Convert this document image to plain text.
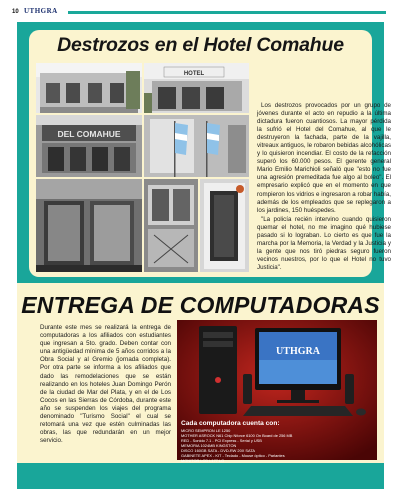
10 UTHGRA
Destrozos en el Hotel Comahue
HOTEL
DEL COMAHUE

Los destrozos provocados por un grupo de jóvenes durante el acto en repudio a la última dictadura fueron cuantiosos. La mayor pérdida la sufrió el Hotel del Comahue, al que le destruyeron la fachada, parte de la vajilla, vitreaux antiguos, le robaron bebidas alcohólicas y lo quisieron incendiar. El costo de la refacción superó los 60.000 pesos. El gerente general Mario Emilio Marichioli señaló que "esto no fue una agresión premeditada fue algo al boleo". El empresario explicó que en el momento en que rompieron los vidrios e ingresaron a robar había, además de los empleados que se replegaron a los jardines, 150 huéspedes.

"La policía recién intervino cuando quisieron quemar el hotel, no me imagino qué hubiese pasado si lo lograban. Lo cierto es que fue la marcha por la Memoria, la Verdad y la Justicia y la gente que nos tiró piedras seguro fueron vecinos nuestros, por lo que el Hotel no tuvo Justicia".

ENTREGA DE COMPUTADORAS

Durante este mes se realizará la entrega de computadoras a los afiliados con estudiantes que ingresan a 5to. grado. Deben contar con una antigüedad mínima de 5 años corridos a la Obra Social y al Gremio (jornada completa). Por otra parte se informa a los afiliados que dado las remodelaciones que se están realizando en los hoteles Juan Domingo Perón de la ciudad de Mar del Plata, y en el de Los Cocos en las Sierras de Córdoba, durante este año se suspenden los viajes del programa denominado "Turismo Social" el cual se retomará una vez que estén culminadas las obras, las que redundarán en un mejor servicio.

UTHGRA
Cada computadora cuenta con:
MICRO SEMPRON LE 1250
MOTHER ASROCK N61 Chip Nforce 6100 On Board de 256 MB
RED - Sonido 7.1 - PCI Express - Serial y USB
MEMORIA 1024MB KINGSTON
DISCO 160GB SATA - DVD-RW 20X SATA
GABINETE APEX - KIT - Teclado - Mouse óptico - Parlantes
MONITOR LCD L177 LG
